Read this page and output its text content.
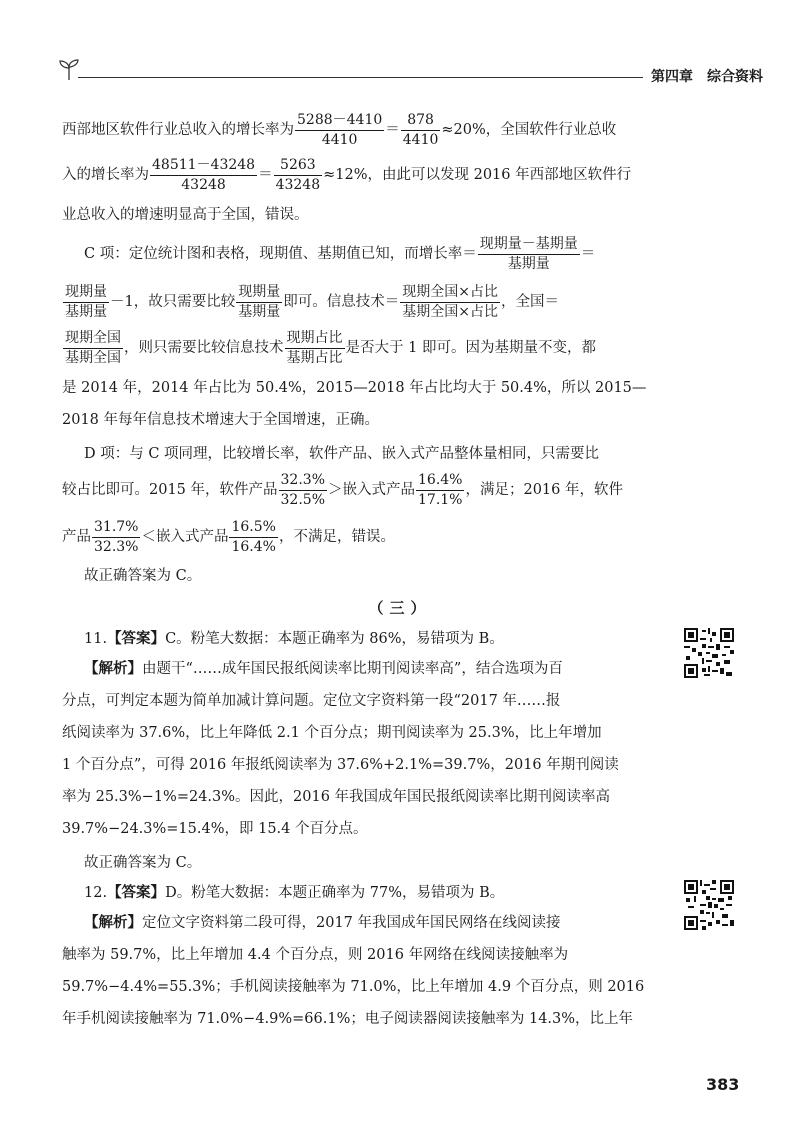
第四章  综合资料
西部地区软件行业总收入的增长率为 $\frac{5288-4410}{4410} = \frac{878}{4410} \approx 20\%$，全国软件行业总收
入的增长率为 $\frac{48511-43248}{43248} = \frac{5263}{43248} \approx 12\%$，由此可以发现 2016 年西部地区软件行
业总收入的增速明显高于全国，错误。
C 项：定位统计图和表格，现期值、基期值已知，而增长率＝ $\frac{\text{现期量－基期量}}{\text{基期量}}$ ＝
$\frac{\text{现期量}}{\text{基期量}} -1$，故只需要比较 $\frac{\text{现期量}}{\text{基期量}}$ 即可。信息技术＝ $\frac{\text{现期全国×占比}}{\text{基期全国×占比}}$ ，全国＝
$\frac{\text{现期全国}}{\text{基期全国}}$ ，则只需要比较信息技术 $\frac{\text{现期占比}}{\text{基期占比}}$ 是否大于 1 即可。因为基期量不变，都
是 2014 年，2014 年占比为 50.4%，2015—2018 年占比均大于 50.4%，所以 2015—
2018 年每年信息技术增速大于全国增速，正确。
D 项：与 C 项同理，比较增长率，软件产品、嵌入式产品整体量相同，只需要比
较占比即可。2015 年，软件产品 $\frac{32.3\%}{32.5\%}$ ＞嵌入式产品 $\frac{16.4\%}{17.1\%}$ ，满足；2016 年，软件
产品 $\frac{31.7\%}{32.3\%}$ ＜嵌入式产品 $\frac{16.5\%}{16.4\%}$ ，不满足，错误。
故正确答案为 C。
（三）
11.【答案】C。粉笔大数据：本题正确率为 86%，易错项为 B。
【解析】由题干“……成年国民报纸阅读率比期刊阅读率高”，结合选项为百
分点，可判定本题为简单加减计算问题。定位文字资料第一段“2017 年……报
纸阅读率为 37.6%，比上年降低 2.1 个百分点；期刊阅读率为 25.3%，比上年增加
1 个百分点”，可得 2016 年报纸阅读率为 37.6%+2.1%=39.7%，2016 年期刊阅读
率为 25.3%−1%=24.3%。因此，2016 年我国成年国民报纸阅读率比期刊阅读率高
39.7%−24.3%=15.4%，即 15.4 个百分点。
故正确答案为 C。
12.【答案】D。粉笔大数据：本题正确率为 77%，易错项为 B。
【解析】定位文字资料第二段可得，2017 年我国成年国民网络在线阅读接
触率为 59.7%，比上年增加 4.4 个百分点，则 2016 年网络在线阅读接触率为
59.7%−4.4%=55.3%；手机阅读接触率为 71.0%，比上年增加 4.9 个百分点，则 2016
年手机阅读接触率为 71.0%−4.9%=66.1%；电子阅读器阅读接触率为 14.3%，比上年
383
